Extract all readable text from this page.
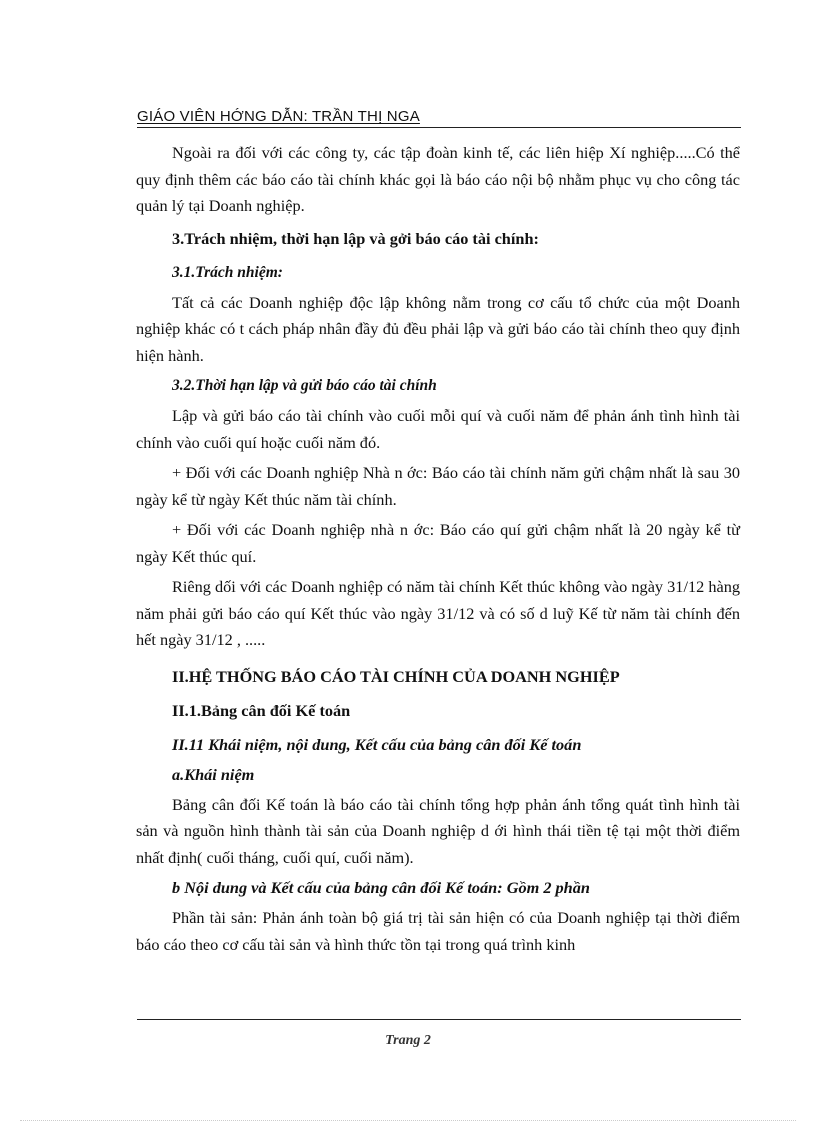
GIÁO VIÊN HỚNG DẪN: TRẦN THỊ NGA

Ngoài ra đối với các công ty, các tập đoàn kinh tế, các liên hiệp Xí nghiệp.....Có thể quy định thêm các báo cáo tài chính khác gọi là báo cáo nội bộ nhằm phục vụ cho công tác quản lý tại Doanh nghiệp.

3.Trách nhiệm, thời hạn lập và gởi báo cáo tài chính:
3.1.Trách nhiệm:

Tất cả các Doanh nghiệp độc lập không nằm trong cơ cấu tổ chức của một Doanh nghiệp khác có t cách pháp nhân đầy đủ đều phải lập và gửi báo cáo tài chính theo quy định hiện hành.

3.2.Thời hạn lập và gửi báo cáo tài chính

Lập và gửi báo cáo tài chính vào cuối mỗi quí và cuối năm để phản ánh tình hình tài chính vào cuối quí hoặc cuối năm đó.

+ Đối với các Doanh nghiệp Nhà n ớc: Báo cáo tài chính năm gửi chậm nhất là sau 30 ngày kể từ ngày Kết thúc năm tài chính.

+ Đối với các Doanh nghiệp nhà n ớc: Báo cáo quí gửi chậm nhất là 20 ngày kể từ ngày Kết thúc quí.

Riêng dối với các Doanh nghiệp có năm tài chính Kết thúc không vào ngày 31/12 hàng năm phải gửi báo cáo quí Kết thúc vào ngày 31/12 và có số d luỹ Kế từ năm tài chính đến hết ngày 31/12 , .....

II.HỆ THỐNG BÁO CÁO TÀI CHÍNH CỦA DOANH NGHIỆP
II.1.Bảng cân đối Kế toán
II.11 Khái niệm, nội dung, Kết cấu của bảng cân đối Kế toán
a.Khái niệm

Bảng cân đối Kế toán là báo cáo tài chính tổng hợp phản ánh tổng quát tình hình tài sản và nguồn hình thành tài sản của Doanh nghiệp d ới hình thái tiền tệ tại một thời điểm nhất định( cuối tháng, cuối quí, cuối năm).

b Nội dung và Kết cấu của bảng cân đối Kế toán: Gồm 2 phần

Phần tài sản: Phản ánh toàn bộ giá trị tài sản hiện có của Doanh nghiệp tại thời điểm báo cáo theo cơ cấu tài sản và hình thức tồn tại trong quá trình kinh

Trang 2
